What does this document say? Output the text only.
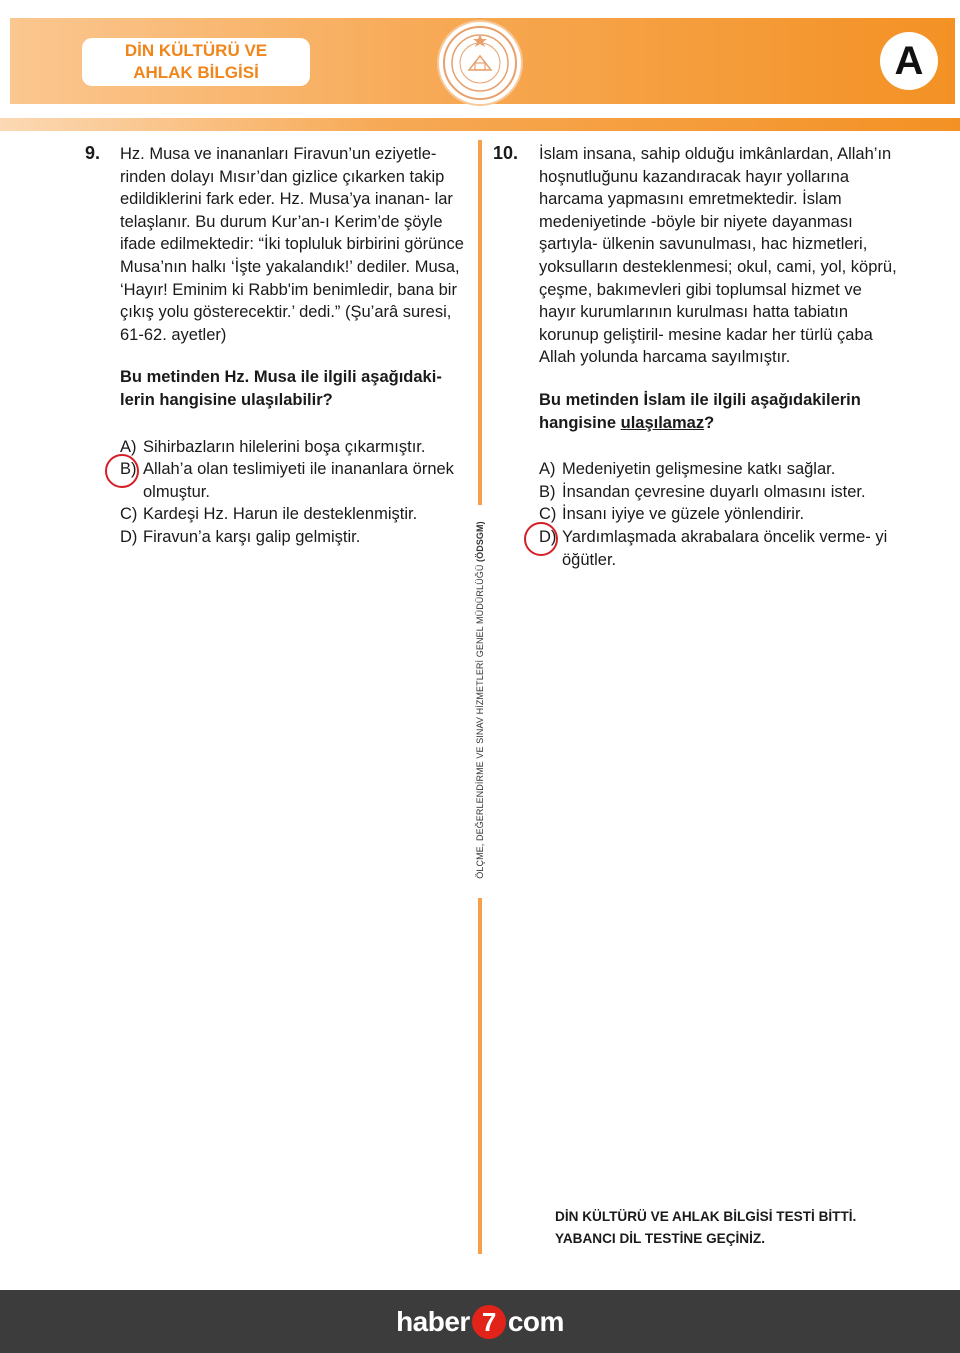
DİN KÜLTÜRÜ VE
AHLAK BİLGİSİ	A
9. Hz. Musa ve inananları Firavun’un eziyetle- rinden dolayı Mısır’dan gizlice çıkarken takip edildiklerini fark eder. Hz. Musa’ya inanan- lar telaşlanır. Bu durum Kur’an-ı Kerim’de şöyle ifade edilmektedir: “İki topluluk birbirini görünce Musa’nın halkı ‘İşte yakalandık!’ dediler. Musa, ‘Hayır! Eminim ki Rabb'im benimledir, bana bir çıkış yolu gösterecektir.’ dedi.” (Şu’arâ suresi, 61-62. ayetler)

Bu metinden Hz. Musa ile ilgili aşağıdaki- lerin hangisine ulaşılabilir?

A) Sihirbazların hilelerini boşa çıkarmıştır.
B) Allah’a olan teslimiyeti ile inananlara örnek olmuştur.
C) Kardeşi Hz. Harun ile desteklenmiştir.
D) Firavun’a karşı galip gelmiştir.
ÖLÇME, DEĞERLENDİRME VE SINAV HİZMETLERİ GENEL MÜDÜRLÜĞÜ (ÖDSGM)
10. İslam insana, sahip olduğu imkânlardan, Allah’ın hoşnutluğunu kazandıracak hayır yollarına harcama yapmasını emretmektedir. İslam medeniyetinde -böyle bir niyete dayanması şartıyla- ülkenin savunulması, hac hizmetleri, yoksulların desteklenmesi; okul, cami, yol, köprü, çeşme, bakımevleri gibi toplumsal hizmet ve hayır kurumlarının kurulması hatta tabiatın korunup geliştiril- mesine kadar her türlü çaba Allah yolunda harcama sayılmıştır.

Bu metinden İslam ile ilgili aşağıdakilerin hangisine ulaşılamaz?

A) Medeniyetin gelişmesine katkı sağlar.
B) İnsandan çevresine duyarlı olmasını ister.
C) İnsanı iyiye ve güzele yönlendirir.
D) Yardımlaşmada akrabalara öncelik verme- yi öğütler.
DİN KÜLTÜRÜ VE AHLAK BİLGİSİ TESTİ BİTTİ.
YABANCI DİL TESTİNE GEÇİNİZ.
haber 7 com
